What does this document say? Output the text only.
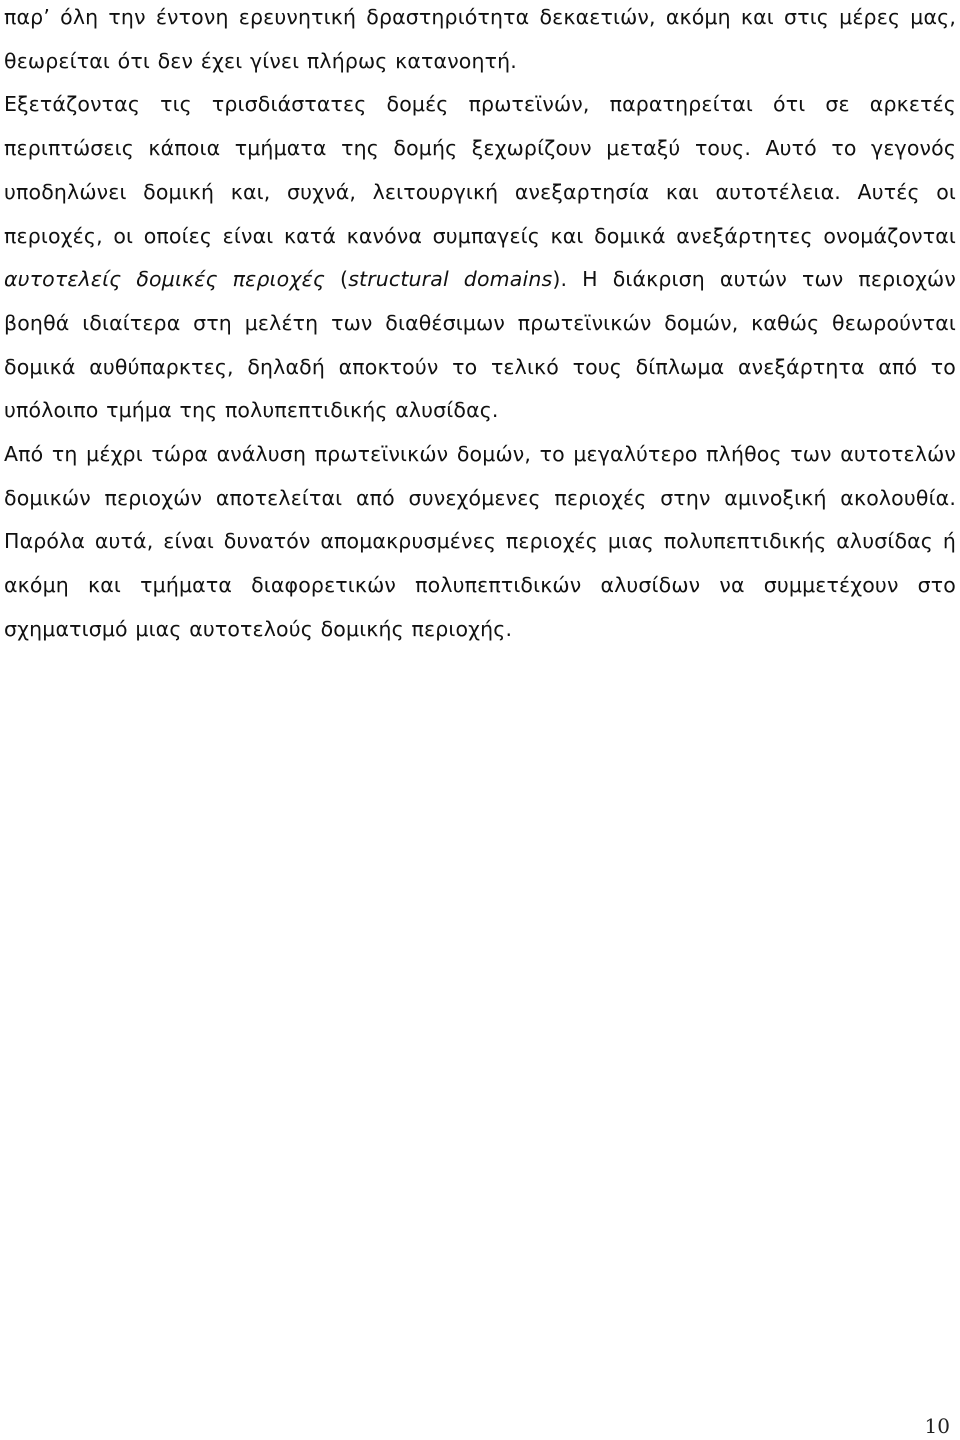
παρ’ όλη την έντονη ερευνητική δραστηριότητα δεκαετιών, ακόμη και στις μέρες μας, θεωρείται ότι δεν έχει γίνει πλήρως κατανοητή.

Εξετάζοντας τις τρισδιάστατες δομές πρωτεϊνών, παρατηρείται ότι σε αρκετές περιπτώσεις κάποια τμήματα της δομής ξεχωρίζουν μεταξύ τους. Αυτό το γεγονός υποδηλώνει δομική και, συχνά, λειτουργική ανεξαρτησία και αυτοτέλεια. Αυτές οι περιοχές, οι οποίες είναι κατά κανόνα συμπαγείς και δομικά ανεξάρτητες ονομάζονται αυτοτελείς δομικές περιοχές (structural domains). Η διάκριση αυτών των περιοχών βοηθά ιδιαίτερα στη μελέτη των διαθέσιμων πρωτεϊνικών δομών, καθώς θεωρούνται δομικά αυθύπαρκτες, δηλαδή αποκτούν το τελικό τους δίπλωμα ανεξάρτητα από το υπόλοιπο τμήμα της πολυπεπτιδικής αλυσίδας.

Από τη μέχρι τώρα ανάλυση πρωτεϊνικών δομών, το μεγαλύτερο πλήθος των αυτοτελών δομικών περιοχών αποτελείται από συνεχόμενες περιοχές στην αμινοξική ακολουθία. Παρόλα αυτά, είναι δυνατόν απομακρυσμένες περιοχές μιας πολυπεπτιδικής αλυσίδας ή ακόμη και τμήματα διαφορετικών πολυπεπτιδικών αλυσίδων να συμμετέχουν στο σχηματισμό μιας αυτοτελούς δομικής περιοχής.

10
